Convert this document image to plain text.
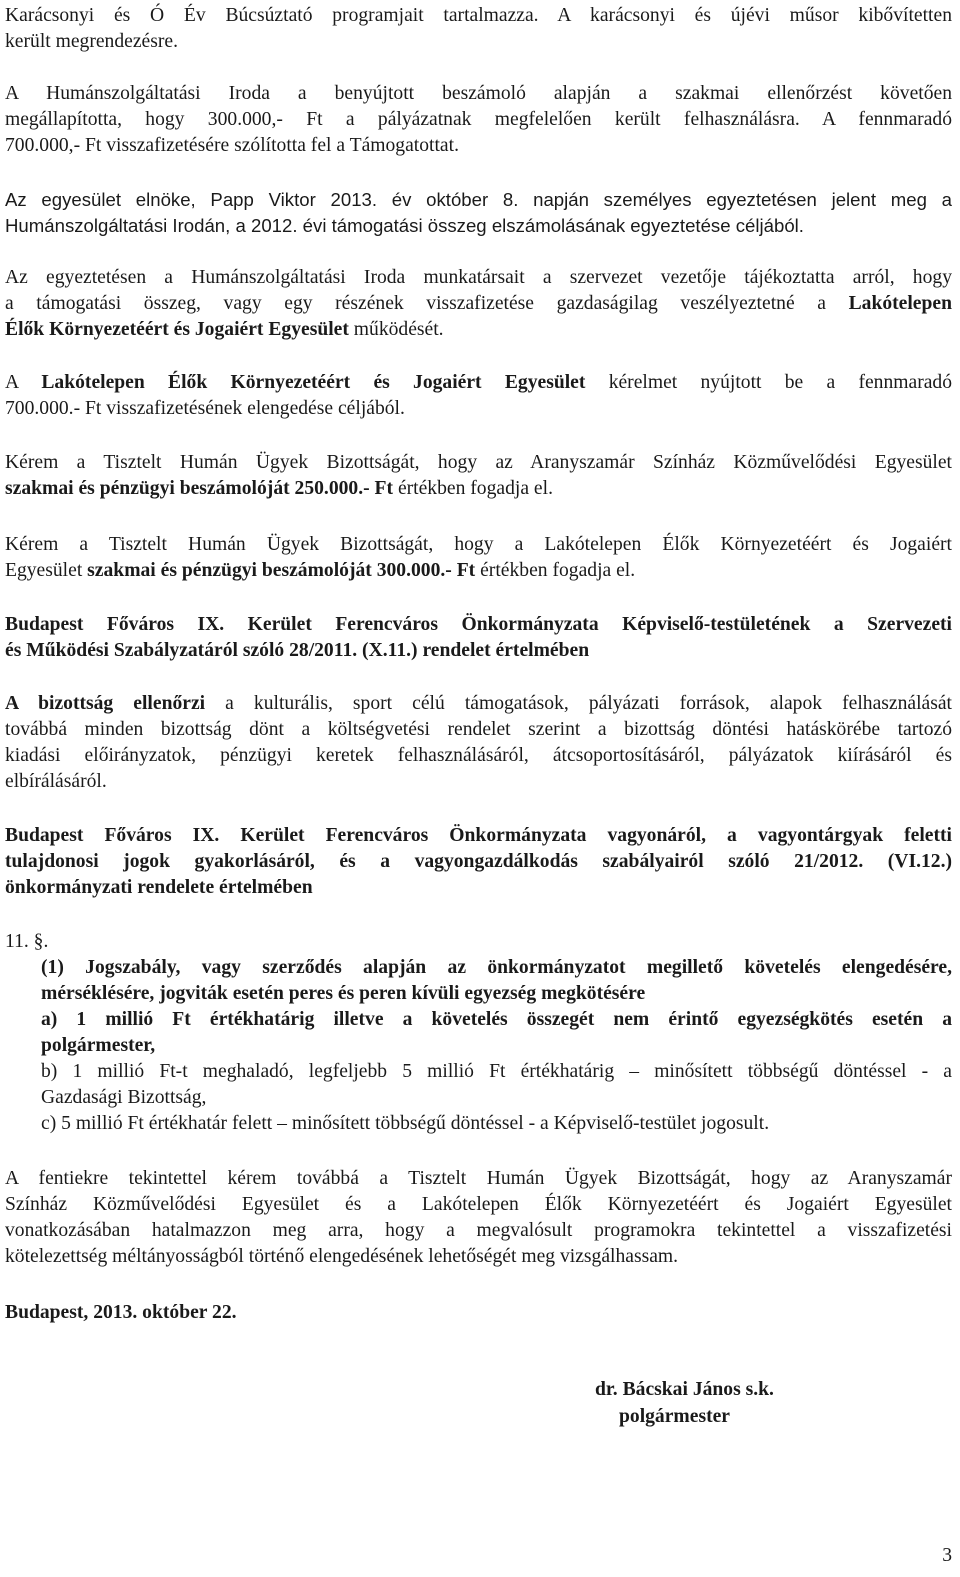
Karácsonyi és Ó Év Búcsúztató programjait tartalmazza. A karácsonyi és újévi műsor kibővítetten
került megrendezésre.

A Humánszolgáltatási Iroda a benyújtott beszámoló alapján a szakmai ellenőrzést követően
megállapította, hogy 300.000,- Ft a pályázatnak megfelelően került felhasználásra. A fennmaradó
700.000,- Ft visszafizetésére szólította fel a Támogatottat.

Az egyesület elnöke, Papp Viktor 2013. év október 8. napján személyes egyeztetésen jelent meg a
Humánszolgáltatási Irodán, a 2012. évi támogatási összeg elszámolásának egyeztetése céljából.

Az egyeztetésen a Humánszolgáltatási Iroda munkatársait a szervezet vezetője tájékoztatta arról, hogy
a támogatási összeg, vagy egy részének visszafizetése gazdaságilag veszélyeztetné a Lakótelepen
Élők Környezetéért és Jogaiért Egyesület működését.

A Lakótelepen Élők Környezetéért és Jogaiért Egyesület kérelmet nyújtott be a fennmaradó
700.000.- Ft visszafizetésének elengedése céljából.

Kérem a Tisztelt Humán Ügyek Bizottságát, hogy az Aranyszamár Színház Közművelődési Egyesület
szakmai és pénzügyi beszámolóját 250.000.- Ft értékben fogadja el.

Kérem a Tisztelt Humán Ügyek Bizottságát, hogy a Lakótelepen Élők Környezetéért és Jogaiért
Egyesület szakmai és pénzügyi beszámolóját 300.000.- Ft értékben fogadja el.

Budapest Főváros IX. Kerület Ferencváros Önkormányzata Képviselő-testületének a Szervezeti
és Működési Szabályzatáról szóló 28/2011. (X.11.) rendelet értelmében

A bizottság ellenőrzi a kulturális, sport célú támogatások, pályázati források, alapok felhasználását
továbbá minden bizottság dönt a költségvetési rendelet szerint a bizottság döntési hatáskörébe tartozó
kiadási előirányzatok, pénzügyi keretek felhasználásáról, átcsoportosításáról, pályázatok kiírásáról és
elbírálásáról.

Budapest Főváros IX. Kerület Ferencváros Önkormányzata vagyonáról, a vagyontárgyak feletti
tulajdonosi jogok gyakorlásáról, és a vagyongazdálkodás szabályairól szóló 21/2012. (VI.12.)
önkormányzati rendelete értelmében

11. §.

(1) Jogszabály, vagy szerződés alapján az önkormányzatot megillető követelés elengedésére,
mérséklésére, jogviták esetén peres és peren kívüli egyezség megkötésére
a) 1 millió Ft értékhatárig illetve a követelés összegét nem érintő egyezségkötés esetén a
polgármester,

b) 1 millió Ft-t meghaladó, legfeljebb 5 millió Ft értékhatárig – minősített többségű döntéssel - a
Gazdasági Bizottság,
c) 5 millió Ft értékhatár felett – minősített többségű döntéssel - a Képviselő-testület jogosult.

A fentiekre tekintettel kérem továbbá a Tisztelt Humán Ügyek Bizottságát, hogy az Aranyszamár
Színház Közművelődési Egyesület és a Lakótelepen Élők Környezetéért és Jogaiért Egyesület
vonatkozásában hatalmazzon meg arra, hogy a megvalósult programokra tekintettel a visszafizetési
kötelezettség méltányosságból történő elengedésének lehetőségét meg vizsgálhassam.

Budapest, 2013. október 22.

dr. Bácskai János s.k.
polgármester
3
